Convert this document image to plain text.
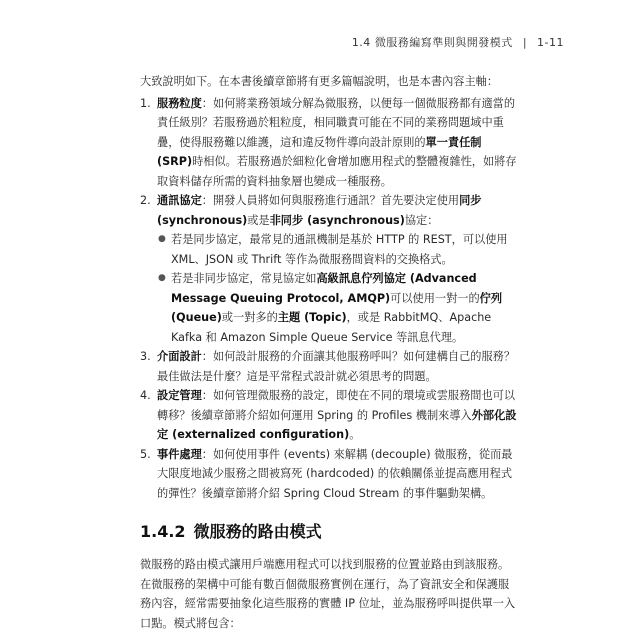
1.4 微服務編寫準則與開發模式 | 1-11

大致說明如下。在本書後續章節將有更多篇幅說明，也是本書內容主軸：

1. 服務粒度：如何將業務領域分解為微服務，以便每一個微服務都有適當的責任級別？若服務過於粗粒度，相同職責可能在不同的業務問題域中重疊，使得服務難以維護，這和違反物件導向設計原則的單一責任制 (SRP)時相似。若服務過於細粒化會增加應用程式的整體複雜性，如將存取資料儲存所需的資料抽象層也變成一種服務。
2. 通訊協定：開發人員將如何與服務進行通訊？首先要決定使用同步 (synchronous)或是非同步 (asynchronous)協定：
● 若是同步協定，最常見的通訊機制是基於 HTTP 的 REST，可以使用 XML、JSON 或 Thrift 等作為微服務間資料的交換格式。
● 若是非同步協定，常見協定如高級訊息佇列協定 (Advanced Message Queuing Protocol, AMQP)可以使用一對一的佇列 (Queue)或一對多的主題 (Topic)，或是 RabbitMQ、Apache Kafka 和 Amazon Simple Queue Service 等訊息代理。
3. 介面設計：如何設計服務的介面讓其他服務呼叫？如何建構自己的服務？最佳做法是什麼？這是平常程式設計就必須思考的問題。
4. 設定管理：如何管理微服務的設定，即使在不同的環境或雲服務間也可以轉移？後續章節將介紹如何運用 Spring 的 Profiles 機制來導入外部化設定 (externalized configuration)。
5. 事件處理：如何使用事件 (events) 來解耦 (decouple) 微服務，從而最大限度地減少服務之間被寫死 (hardcoded) 的依賴關係並提高應用程式的彈性？後續章節將介紹 Spring Cloud Stream 的事件驅動架構。
1.4.2 微服務的路由模式

微服務的路由模式讓用戶端應用程式可以找到服務的位置並路由到該服務。在微服務的架構中可能有數百個微服務實例在運行，為了資訊安全和保護服務內容，經常需要抽象化這些服務的實體 IP 位址，並為服務呼叫提供單一入口點。模式將包含：
